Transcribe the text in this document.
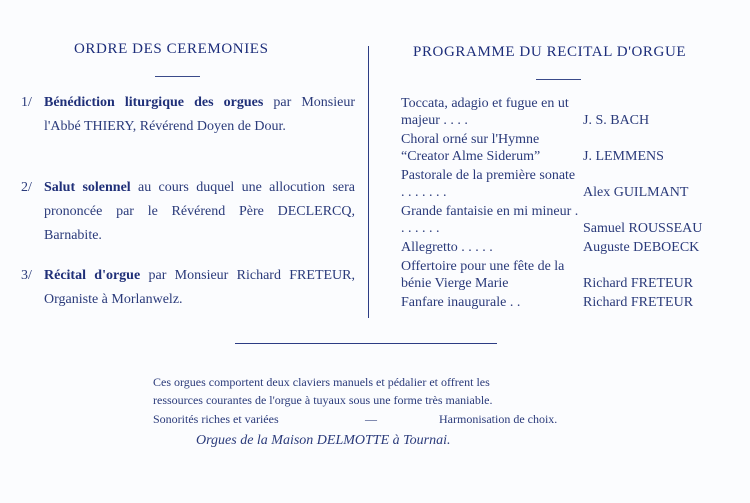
ORDRE DES CEREMONIES	PROGRAMME DU RECITAL D'ORGUE
1/ Bénédiction liturgique des orgues par Monsieur l'Abbé THIERY, Révérend Doyen de Dour.
2/ Salut solennel au cours duquel une allocution sera prononcée par le Révérend Père DECLERCQ, Barnabite.
3/ Récital d'orgue par Monsieur Richard FRETEUR, Organiste à Morlanwelz.
Toccata, adagio et fugue en ut majeur . . . .	J. S. BACH
Choral orné sur l'Hymne “Creator Alme Siderum”	J. LEMMENS
Pastorale de la première sonate . . . . . . .	Alex GUILMANT
Grande fantaisie en mi mineur . . . . . . .	Samuel ROUSSEAU
Allegretto . . . . .	Auguste DEBOECK
Offertoire pour une fête de la bénie Vierge Marie	Richard FRETEUR
Fanfare inaugurale . .	Richard FRETEUR
Ces orgues comportent deux claviers manuels et pédalier et offrent les
ressources courantes de l'orgue à tuyaux sous une forme très maniable.
Sonorités riches et variées	—	Harmonisation de choix.
Orgues de la Maison DELMOTTE à Tournai.
